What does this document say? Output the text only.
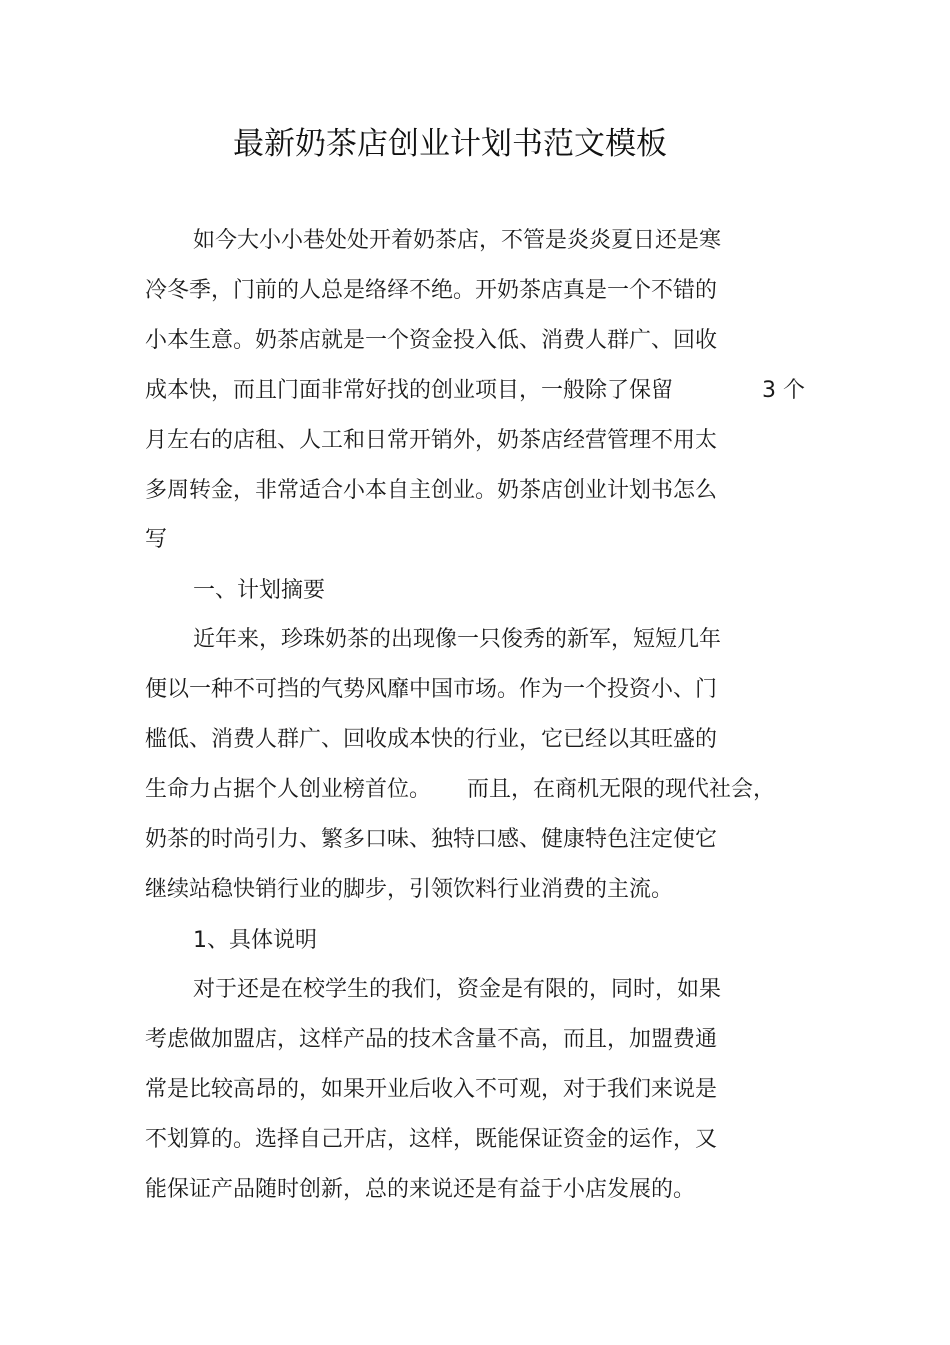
最新奶茶店创业计划书范文模板
如今大小小巷处处开着奶茶店，不管是炎炎夏日还是寒
冷冬季，门前的人总是络绎不绝。开奶茶店真是一个不错的
小本生意。奶茶店就是一个资金投入低、消费人群广、回收
成本快，而且门面非常好找的创业项目，一般除了保留	3 个
月左右的店租、人工和日常开销外，奶茶店经营管理不用太
多周转金，非常适合小本自主创业。奶茶店创业计划书怎么
写
一、计划摘要
近年来，珍珠奶茶的出现像一只俊秀的新军，短短几年
便以一种不可挡的气势风靡中国市场。作为一个投资小、门
槛低、消费人群广、回收成本快的行业，它已经以其旺盛的
生命力占据个人创业榜首位。 而且，在商机无限的现代社会，
奶茶的时尚引力、繁多口味、独特口感、健康特色注定使它
继续站稳快销行业的脚步，引领饮料行业消费的主流。
1、具体说明
对于还是在校学生的我们，资金是有限的，同时，如果
考虑做加盟店，这样产品的技术含量不高，而且，加盟费通
常是比较高昂的，如果开业后收入不可观，对于我们来说是
不划算的。选择自己开店，这样，既能保证资金的运作，又
能保证产品随时创新，总的来说还是有益于小店发展的。
